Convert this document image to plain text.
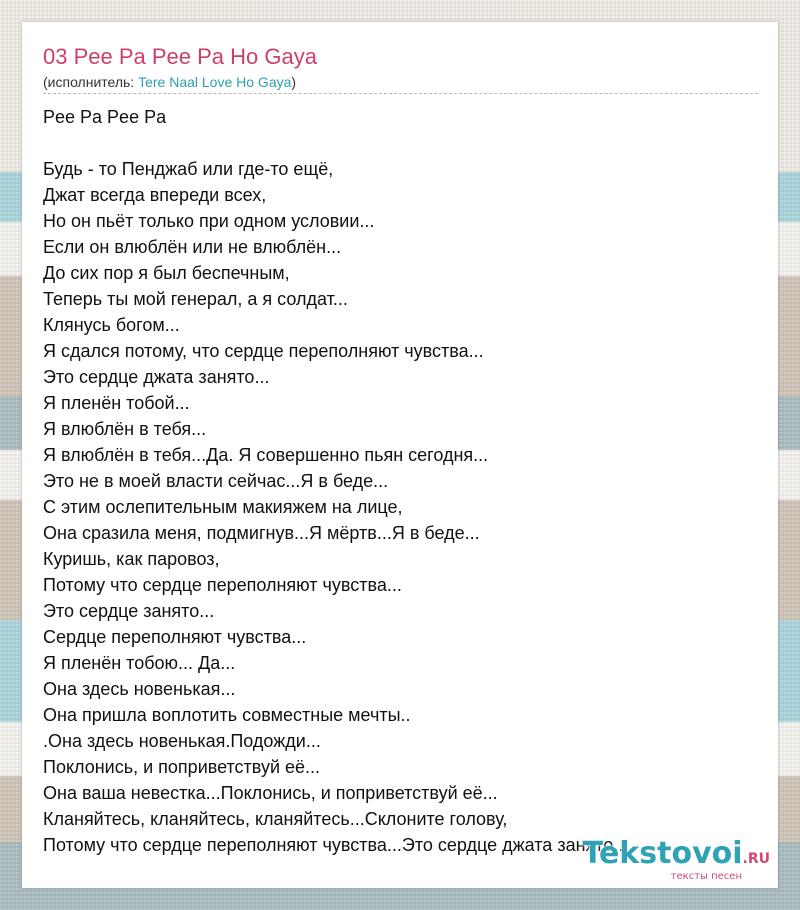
03 Pee Pa Pee Pa Ho Gaya
(исполнитель: Tere Naal Love Ho Gaya)
Pee Pa Pee Pa

Будь - то Пенджаб или где-то ещё,
Джат всегда впереди всех,
Но он пьёт только при одном условии...
Если он влюблён или не влюблён...
До сих пор я был беспечным,
Теперь ты мой генерал, а я солдат...
Клянусь богом...
Я сдался потому, что сердце переполняют чувства...
Это сердце джата занято...
Я пленён тобой...
Я влюблён в тебя...
Я влюблён в тебя...Да. Я совершенно пьян сегодня...
Это не в моей власти сейчас...Я в беде...
С этим ослепительным макияжем на лице,
Она сразила меня, подмигнув...Я мёртв...Я в беде...
Куришь, как паровоз,
Потому что сердце переполняют чувства...
Это сердце занято...
Сердце переполняют чувства...
Я пленён тобою... Да...
Она здесь новенькая...
Она пришла воплотить совместные мечты..
.Она здесь новенькая.Подожди...
Поклонись, и поприветствуй её...
Она ваша невестка...Поклонись, и поприветствуй её...
Кланяйтесь, кланяйтесь, кланяйтесь...Склоните голову,
Потому что сердце переполняют чувства...Это сердце джата занято...
Tekstovoi.RU
тексты песен
